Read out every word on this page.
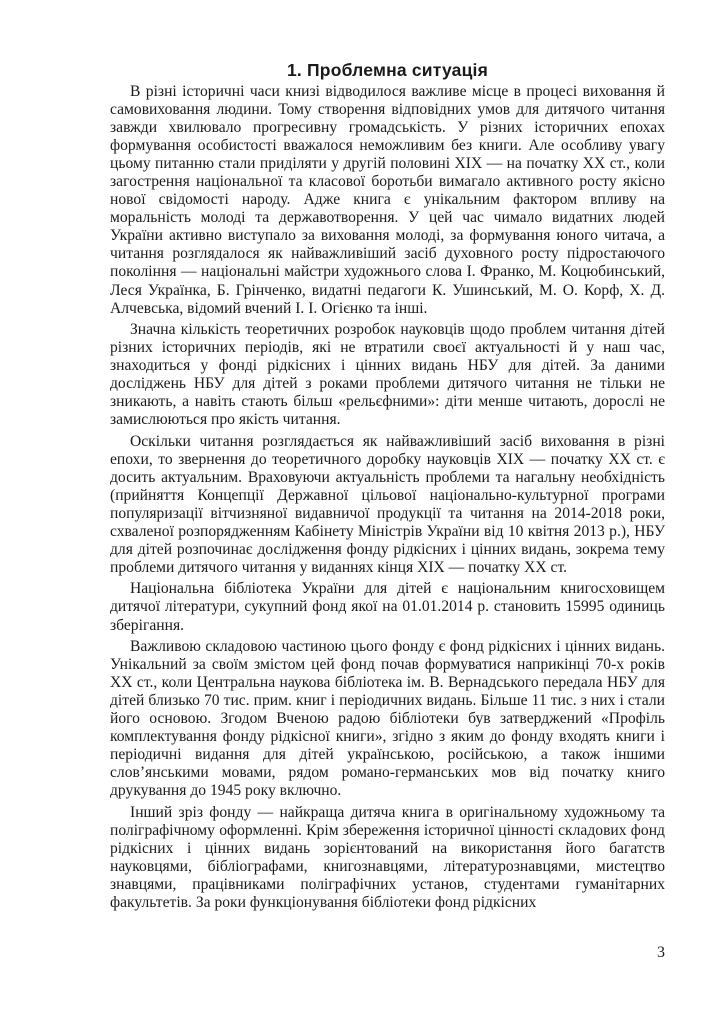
1. Проблемна ситуація

В різні історичні часи книзі відводилося важливе місце в процесі виховання й самовиховання людини. Тому створення відповідних умов для дитячого читання завжди хвилювало прогресивну громадськість. У різних історичних епохах формування особистості вважалося неможливим без книги. Але особливу увагу цьому питанню стали приділяти у другій половині ХІХ — на початку ХХ ст., коли загострення національної та класової боротьби вимагало активного росту якісно нової свідомості народу. Адже книга є унікальним фактором впливу на моральність молоді та державотворення. У цей час чимало видатних людей України активно виступало за виховання молоді, за формування юного читача, а читання розглядалося як найважливіший засіб духовного росту підростаючого покоління — національні майстри художнього слова І. Франко, М. Коцюбинський, Леся Українка, Б. Грінченко, видатні педагоги К. Ушинський, М. О. Корф, Х. Д. Алчевська, відомий вчений І. І. Огієнко та інші.

Значна кількість теоретичних розробок науковців щодо проблем читання дітей різних історичних періодів, які не втратили своєї актуальності й у наш час, знаходиться у фонді рідкісних і цінних видань НБУ для дітей. За даними досліджень НБУ для дітей з роками проблеми дитячого читання не тільки не зникають, а навіть стають більш «рельєфними»: діти менше читають, дорослі не замислюються про якість читання.

Оскільки читання розглядається як найважливіший засіб виховання в різні епохи, то звернення до теоретичного доробку науковців ХІХ — початку ХХ ст. є досить актуальним. Враховуючи актуальність проблеми та нагальну необхідність (прийняття Концепції Державної цільової національно-культурної програми популяризації вітчизняної видавничої продукції та читання на 2014-2018 роки, схваленої розпорядженням Кабінету Міністрів України від 10 квітня 2013 р.), НБУ для дітей розпочинає дослідження фонду рідкісних і цінних видань, зокрема тему проблеми дитячого читання у виданнях кінця ХІХ — початку ХХ ст.

Національна бібліотека України для дітей є національним книгосховищем дитячої літератури, сукупний фонд якої на 01.01.2014 р. становить 15995 одиниць зберігання.

Важливою складовою частиною цього фонду є фонд рідкісних і цінних видань. Унікальний за своїм змістом цей фонд почав формуватися наприкінці 70-х років ХХ ст., коли Центральна наукова бібліотека ім. В. Вернадського передала НБУ для дітей близько 70 тис. прим. книг і періодичних видань. Більше 11 тис. з них і стали його основою. Згодом Вченою радою бібліотеки був затверджений «Профіль комплектування фонду рідкісної книги», згідно з яким до фонду входять книги і періодичні видання для дітей українською, російською, а також іншими слов’янськими мовами, рядом романо-германських мов від початку книго друкування до 1945 року включно.

Інший зріз фонду — найкраща дитяча книга в оригінальному художньому та поліграфічному оформленні. Крім збереження історичної цінності складових фонд рідкісних і цінних видань зорієнтований на використання його багатств науковцями, бібліографами, книгознавцями, літературознавцями, мистецтво знавцями, працівниками поліграфічних установ, студентами гуманітарних факультетів. За роки функціонування бібліотеки фонд рідкісних

3
